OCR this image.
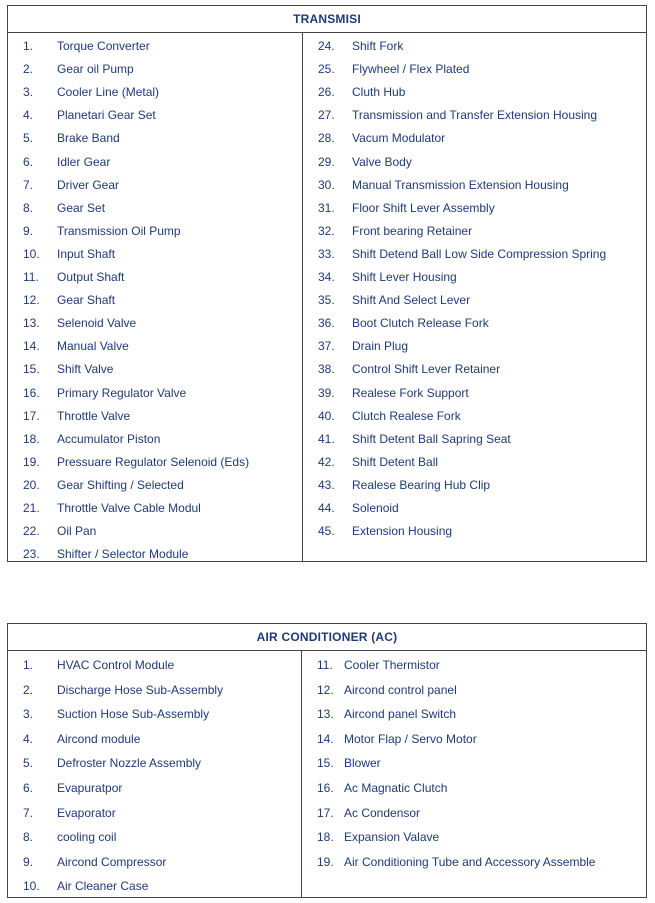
TRANSMISI
1. Torque Converter
2. Gear oil Pump
3. Cooler Line (Metal)
4. Planetari Gear Set
5. Brake Band
6. Idler Gear
7. Driver Gear
8. Gear Set
9. Transmission Oil Pump
10. Input Shaft
11. Output Shaft
12. Gear Shaft
13. Selenoid Valve
14. Manual Valve
15. Shift Valve
16. Primary Regulator Valve
17. Throttle Valve
18. Accumulator Piston
19. Pressuare Regulator Selenoid (Eds)
20. Gear Shifting / Selected
21. Throttle Valve Cable Modul
22. Oil Pan
23. Shifter / Selector Module
24. Shift Fork
25. Flywheel / Flex Plated
26. Cluth Hub
27. Transmission and Transfer Extension Housing
28. Vacum Modulator
29. Valve Body
30. Manual Transmission Extension Housing
31. Floor Shift Lever Assembly
32. Front bearing Retainer
33. Shift Detend Ball Low Side Compression Spring
34. Shift Lever Housing
35. Shift And Select Lever
36. Boot Clutch Release Fork
37. Drain Plug
38. Control Shift Lever Retainer
39. Realese Fork Support
40. Clutch Realese Fork
41. Shift Detent Ball Sapring Seat
42. Shift Detent Ball
43. Realese Bearing Hub Clip
44. Solenoid
45. Extension Housing
AIR CONDITIONER (AC)
1. HVAC Control Module
2. Discharge Hose Sub-Assembly
3. Suction Hose Sub-Assembly
4. Aircond module
5. Defroster Nozzle Assembly
6. Evapuratpor
7. Evaporator
8. cooling coil
9. Aircond Compressor
10. Air Cleaner Case
11. Cooler Thermistor
12. Aircond control panel
13. Aircond panel Switch
14. Motor Flap / Servo Motor
15. Blower
16. Ac Magnatic Clutch
17. Ac Condensor
18. Expansion Valave
19. Air Conditioning Tube and Accessory Assemble
